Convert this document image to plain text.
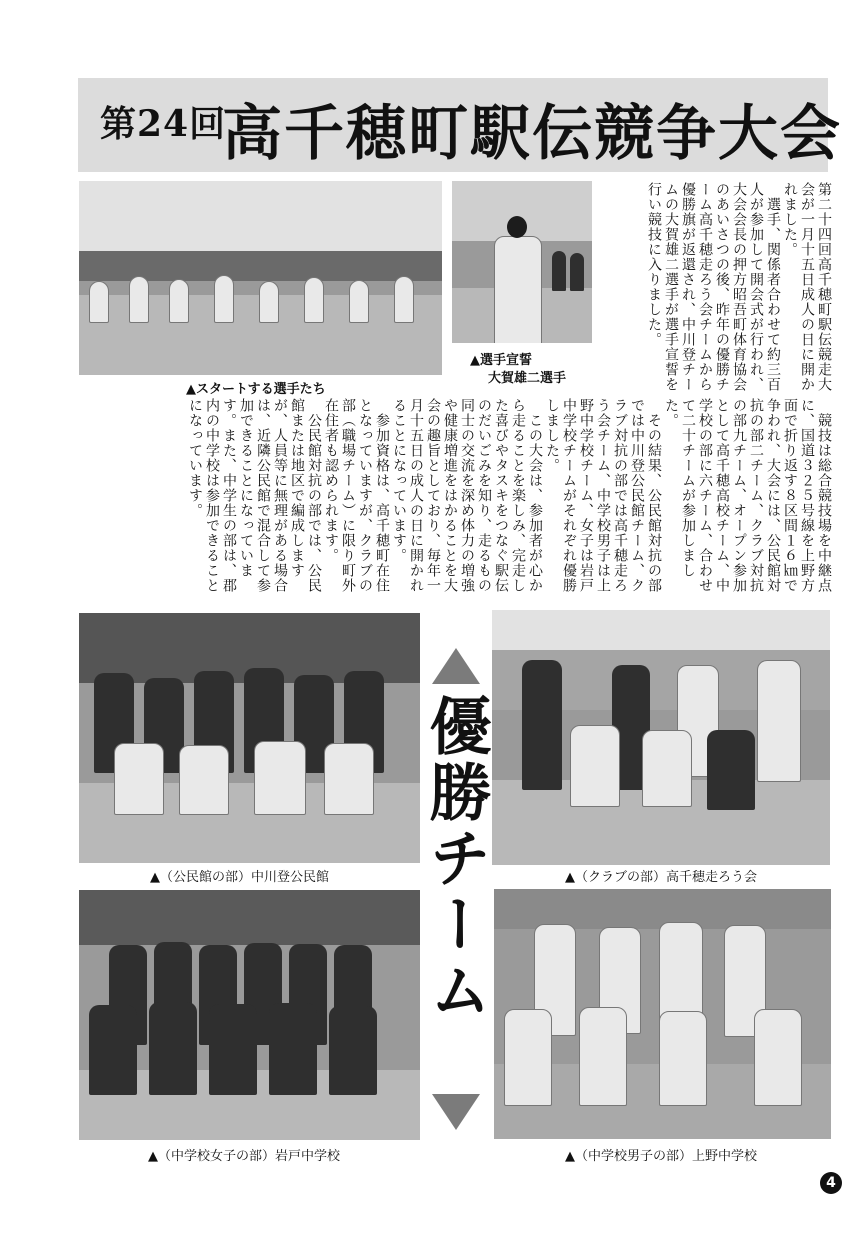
第24回
高千穂町駅伝競争大会
▲スタートする選手たち
▲選手宣誓
大賀雄二選手	第二十四回高千穂町駅伝競走大会が一月十五日成人の日に開かれました。

　選手、関係者合わせて約三百人が参加して開会式が行われ、大会会長の押方昭吾町体育協会のあいさつの後、昨年の優勝チーム高千穂走ろう会チームから優勝旗が返還され、中川登チームの大賀雄二選手が選手宣誓を行い競技に入りました。

　競技は総合競技場を中継点に、国道３２５号線を上野方面で折り返す８区間１６㎞で争われ、大会には、公民館対抗の部二チーム、クラブ対抗の部九チーム、オープン参加として高千穂高校チーム、中学校の部に六チーム、合わせて二十チームが参加しました。

　その結果、公民館対抗の部では中川登公民館チーム、クラブ対抗の部では高千穂走ろう会チーム、中学校男子は上野中学校チーム、女子は岩戸中学校チームがそれぞれ優勝しました。

　この大会は、参加者が心から走ることを楽しみ、完走した喜びやタスキをつなぐ駅伝のだいごみを知り、走るもの同士の交流を深め体力の増強や健康増進をはかることを大会の趣旨としており、毎年一月十五日の成人の日に開かれることになっています。

　参加資格は、高千穂町在住となっていますが、クラブの部（職場チーム）に限り町外在住者も認められます。

　公民館対抗の部では、公民館または地区で編成しますが、人員等に無理がある場合は、近隣公民館で混合して参加できることになっています。また、中学生の部は、郡内の中学校は参加できることになっています。

▲（公民館の部）中川登公民館	▲（クラブの部）高千穂走ろう会
▲（中学校女子の部）岩戸中学校	▲（中学校男子の部）上野中学校
優勝チーム
4
